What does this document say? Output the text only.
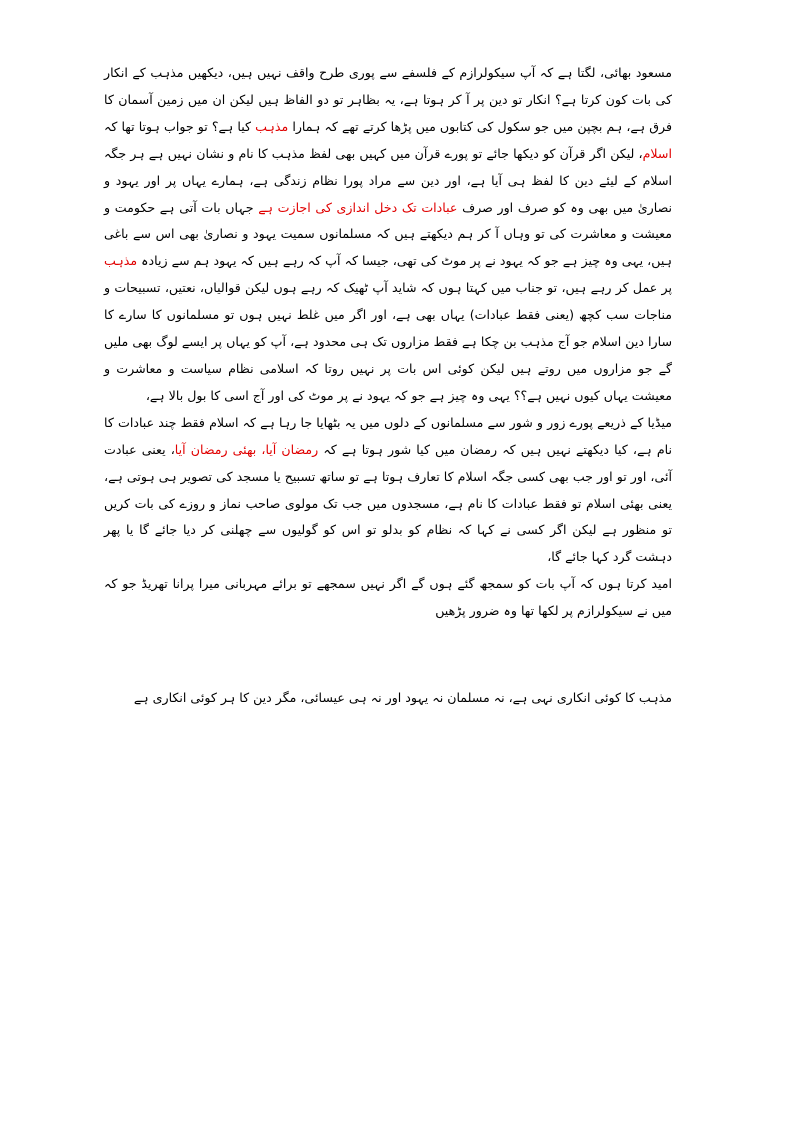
مسعود بھائی، لگتا ہے کہ آپ سیکولرازم کے فلسفے سے پوری طرح واقف نہیں ہیں، دیکھیں مذہب کے انکار کی بات کون کرتا ہے؟ انکار تو دین پر آ کر ہوتا ہے، یہ بظاہر تو دو الفاظ ہیں لیکن ان میں زمین آسمان کا فرق ہے، ہم بچپن میں جو سکول کی کتابوں میں پڑھا کرتے تھے کہ ہمارا مذہب کیا ہے؟ تو جواب ہوتا تھا کہ اسلام، لیکن اگر قرآن کو دیکھا جائے تو پورے قرآن میں کہیں بھی لفظ مذہب کا نام و نشان نہیں ہے ہر جگہ اسلام کے لیئے دین کا لفظ ہی آیا ہے، اور دین سے مراد پورا نظام زندگی ہے، ہمارے یہاں پر اور یہود و نصاریٰ میں بھی وہ کو صرف اور صرف عبادات تک دخل اندازی کی اجازت ہے جہاں بات آتی ہے حکومت و معیشت و معاشرت کی تو وہاں آ کر ہم دیکھتے ہیں کہ مسلمانوں سمیت یہود و نصاریٰ بھی اس سے باغی ہیں، یہی وہ چیز ہے جو کہ یہود نے پر موٹ کی تھی، جیسا کہ آپ کہ رہے ہیں کہ یہود ہم سے زیادہ مذہب پر عمل کر رہے ہیں، تو جناب میں کہتا ہوں کہ شاید آپ ٹھیک کہ رہے ہوں لیکن قوالیاں، نعتیں، تسبیحات و مناجات سب کچھ (یعنی فقط عبادات) یہاں بھی ہے، اور اگر میں غلط نہیں ہوں تو مسلمانوں کا سارے کا سارا دین اسلام جو آج مذہب بن چکا ہے فقط مزاروں تک ہی محدود ہے، آپ کو یہاں پر ایسے لوگ بھی ملیں گے جو مزاروں میں روتے ہیں لیکن کوئی اس بات پر نہیں روتا کہ اسلامی نظام سیاست و معاشرت و معیشت یہاں کیوں نہیں ہے؟؟ یہی وہ چیز ہے جو کہ یہود نے پر موٹ کی اور آج اسی کا بول بالا ہے،

میڈیا کے ذریعے پورے زور و شور سے مسلمانوں کے دلوں میں یہ بٹھایا جا رہا ہے کہ اسلام فقط چند عبادات کا نام ہے، کیا دیکھتے نہیں ہیں کہ رمضان میں کیا شور ہوتا ہے کہ رمضان آیا، بھئی رمضان آیا، یعنی عبادت آئی، اور تو اور جب بھی کسی جگہ اسلام کا تعارف ہوتا ہے تو ساتھ تسبیح یا مسجد کی تصویر ہی ہوتی ہے، یعنی بھئی اسلام تو فقط عبادات کا نام ہے، مسجدوں میں جب تک مولوی صاحب نماز و روزے کی بات کریں تو منظور ہے لیکن اگر کسی نے کہا کہ نظام کو بدلو تو اس کو گولیوں سے چھلنی کر دیا جائے گا یا پھر دہشت گرد کہا جائے گا،

امید کرتا ہوں کہ آپ بات کو سمجھ گئے ہوں گے اگر نہیں سمجھے تو برائے مہربانی میرا پرانا تھریڈ جو کہ میں نے سیکولرازم پر لکھا تھا وہ ضرور پڑھیں

مذہب کا کوئی انکاری نہی ہے، نہ مسلمان نہ یہود اور نہ ہی عیسائی، مگر دین کا ہر کوئی انکاری ہے
